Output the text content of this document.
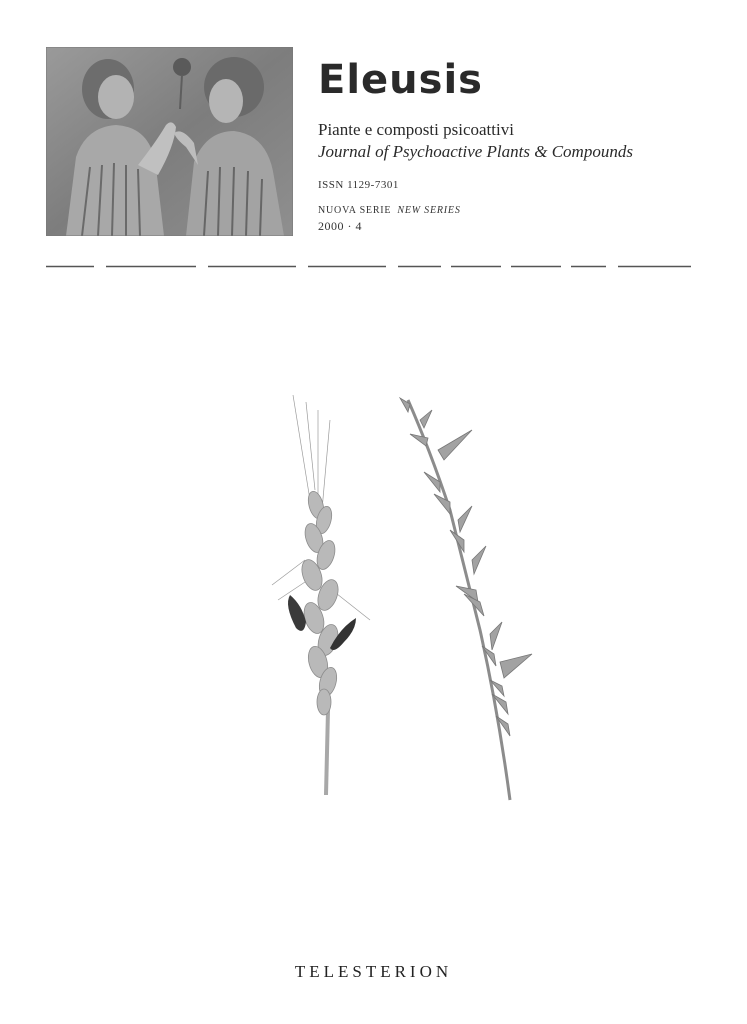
Eleusis
Piante e composti psicoattivi
Journal of Psychoactive Plants & Compounds
ISSN 1129-7301
NUOVA SERIE NEW SERIES
2000 · 4
TELESTERION
